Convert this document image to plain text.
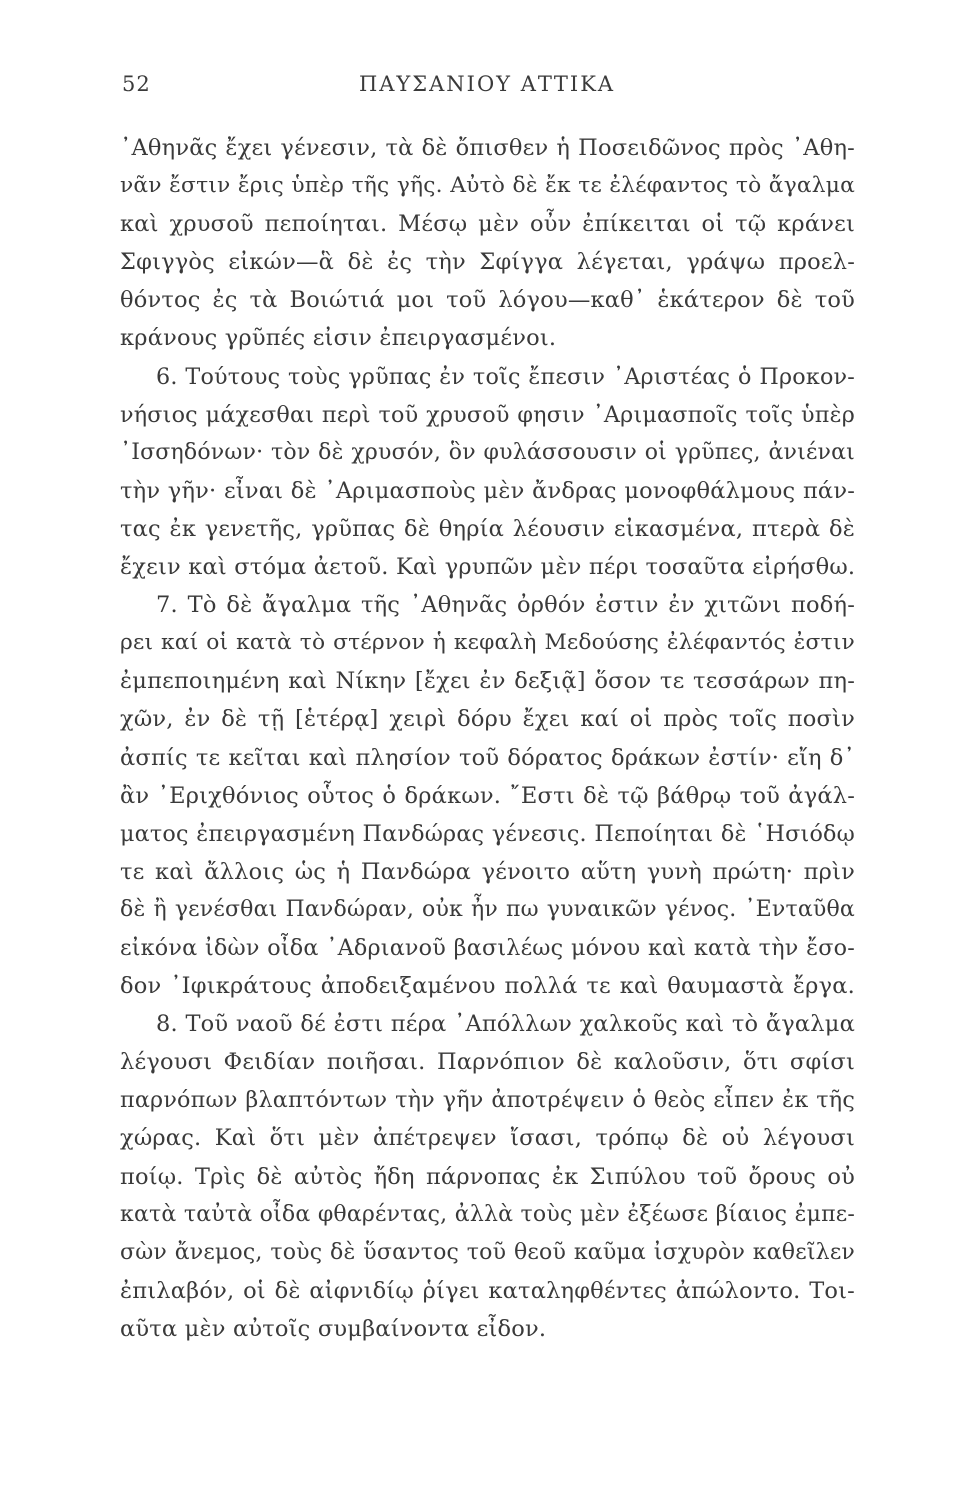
52	ΠΑΥΣΑΝΙΟΥ ΑΤΤΙΚΑ
᾿Αθηνᾶς ἔχει γένεσιν, τὰ δὲ ὄπισθεν ἡ Ποσειδῶνος πρὸς ᾿Αθη-
νᾶν ἔστιν ἔρις ὑπὲρ τῆς γῆς. Αὐτὸ δὲ ἔκ τε ἐλέφαντος τὸ ἄγαλμα
καὶ χρυσοῦ πεποίηται. Μέσῳ μὲν οὖν ἐπίκειται οἱ τῷ κράνει
Σφιγγὸς εἰκών—ἃ δὲ ἐς τὴν Σφίγγα λέγεται, γράψω προελ-
θόντος ἐς τὰ Βοιώτιά μοι τοῦ λόγου—καθ᾿ ἑκάτερον δὲ τοῦ
κράνους γρῦπές εἰσιν ἐπειργασμένοι.
6. Τούτους τοὺς γρῦπας ἐν τοῖς ἔπεσιν ᾿Αριστέας ὁ Προκον-
νήσιος μάχεσθαι περὶ τοῦ χρυσοῦ φησιν ᾿Αριμασποῖς τοῖς ὑπὲρ
᾿Ισσηδόνων· τὸν δὲ χρυσόν, ὃν φυλάσσουσιν οἱ γρῦπες, ἀνιέναι
τὴν γῆν· εἶναι δὲ ᾿Αριμασποὺς μὲν ἄνδρας μονοφθάλμους πάν-
τας ἐκ γενετῆς, γρῦπας δὲ θηρία λέουσιν εἰκασμένα, πτερὰ δὲ
ἔχειν καὶ στόμα ἀετοῦ. Καὶ γρυπῶν μὲν πέρι τοσαῦτα εἰρήσθω.
7. Τὸ δὲ ἄγαλμα τῆς ᾿Αθηνᾶς ὀρθόν ἐστιν ἐν χιτῶνι ποδή-
ρει καί οἱ κατὰ τὸ στέρνον ἡ κεφαλὴ Μεδούσης ἐλέφαντός ἐστιν
ἐμπεποιημένη καὶ Νίκην [ἔχει ἐν δεξιᾷ] ὅσον τε τεσσάρων πη-
χῶν, ἐν δὲ τῇ [ἑτέρᾳ] χειρὶ δόρυ ἔχει καί οἱ πρὸς τοῖς ποσὶν
ἀσπίς τε κεῖται καὶ πλησίον τοῦ δόρατος δράκων ἐστίν· εἴη δ᾿
ἂν ᾿Εριχθόνιος οὗτος ὁ δράκων. ῎Εστι δὲ τῷ βάθρῳ τοῦ ἀγάλ-
ματος ἐπειργασμένη Πανδώρας γένεσις. Πεποίηται δὲ ῾Ησιόδῳ
τε καὶ ἄλλοις ὡς ἡ Πανδώρα γένοιτο αὕτη γυνὴ πρώτη· πρὶν
δὲ ἢ γενέσθαι Πανδώραν, οὐκ ἦν πω γυναικῶν γένος. ᾿Ενταῦθα
εἰκόνα ἰδὼν οἶδα ᾿Αδριανοῦ βασιλέως μόνου καὶ κατὰ τὴν ἔσο-
δον ᾿Ιφικράτους ἀποδειξαμένου πολλά τε καὶ θαυμαστὰ ἔργα.
8. Τοῦ ναοῦ δέ ἐστι πέρα ᾿Απόλλων χαλκοῦς καὶ τὸ ἄγαλμα
λέγουσι Φειδίαν ποιῆσαι. Παρνόπιον δὲ καλοῦσιν, ὅτι σφίσι
παρνόπων βλαπτόντων τὴν γῆν ἀποτρέψειν ὁ θεὸς εἶπεν ἐκ τῆς
χώρας. Καὶ ὅτι μὲν ἀπέτρεψεν ἴσασι, τρόπῳ δὲ οὐ λέγουσι
ποίῳ. Τρὶς δὲ αὐτὸς ἤδη πάρνοπας ἐκ Σιπύλου τοῦ ὄρους οὐ
κατὰ ταὐτὰ οἶδα φθαρέντας, ἀλλὰ τοὺς μὲν ἐξέωσε βίαιος ἐμπε-
σὼν ἄνεμος, τοὺς δὲ ὕσαντος τοῦ θεοῦ καῦμα ἰσχυρὸν καθεῖλεν
ἐπιλαβόν, οἱ δὲ αἰφνιδίῳ ῥίγει καταληφθέντες ἀπώλοντο. Τοι-
αῦτα μὲν αὐτοῖς συμβαίνοντα εἶδον.
